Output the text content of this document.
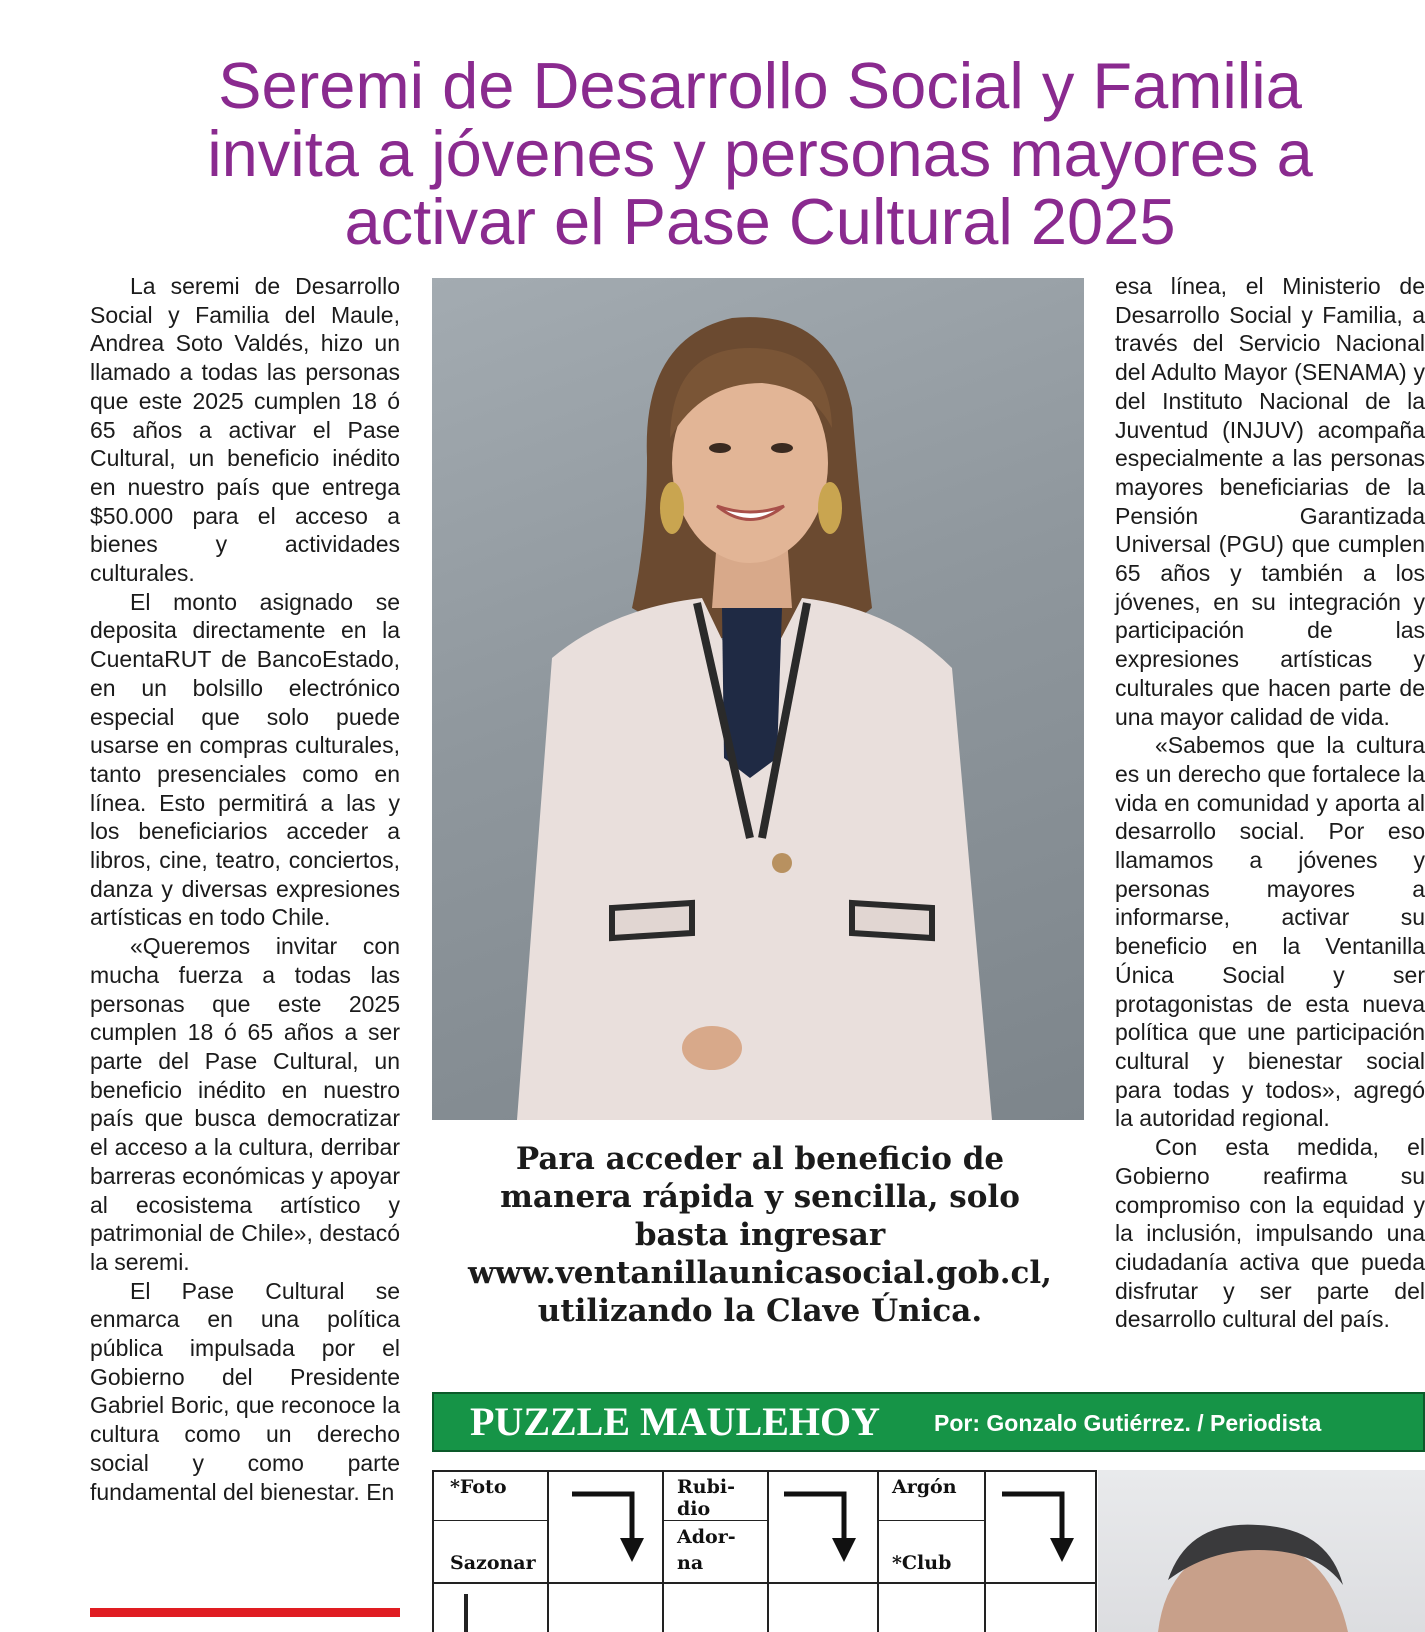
Seremi de Desarrollo Social y Familia
invita a jóvenes y personas mayores a
activar el Pase Cultural 2025

La seremi de Desarrollo Social y Familia del Maule, Andrea Soto Valdés, hizo un llamado a todas las personas que este 2025 cumplen 18 ó 65 años a activar el Pase Cultural, un beneficio inédito en nuestro país que entrega $50.000 para el acceso a bienes y actividades culturales.

El monto asignado se deposita directamente en la CuentaRUT de BancoEstado, en un bolsillo electrónico especial que solo puede usarse en compras culturales, tanto presenciales como en línea. Esto permitirá a las y los beneficiarios acceder a libros, cine, teatro, conciertos, danza y diversas expresiones artísticas en todo Chile.

«Queremos invitar con mucha fuerza a todas las personas que este 2025 cumplen 18 ó 65 años a ser parte del Pase Cultural, un beneficio inédito en nuestro país que busca democratizar el acceso a la cultura, derribar barreras económicas y apoyar al ecosistema artístico y patrimonial de Chile», destacó la seremi.

El Pase Cultural se enmarca en una política pública impulsada por el Gobierno del Presidente Gabriel Boric, que reconoce la cultura como un derecho social y como parte fundamental del bienestar. En

Para acceder al beneficio de
manera rápida y sencilla, solo
basta ingresar
www.ventanillaunicasocial.gob.cl,
utilizando la Clave Única.

esa línea, el Ministerio de Desarrollo Social y Familia, a través del Servicio Nacional del Adulto Mayor (SENAMA) y del Instituto Nacional de la Juventud (INJUV) acompaña especialmente a las personas mayores beneficiarias de la Pensión Garantizada Universal (PGU) que cumplen 65 años y también a los jóvenes, en su integración y participación de las expresiones artísticas y culturales que hacen parte de una mayor calidad de vida.

«Sabemos que la cultura es un derecho que fortalece la vida en comunidad y aporta al desarrollo social. Por eso llamamos a jóvenes y personas mayores a informarse, activar su beneficio en la Ventanilla Única Social y ser protagonistas de esta nueva política que une participación cultural y bienestar social para todas y todos», agregó la autoridad regional.

Con esta medida, el Gobierno reafirma su compromiso con la equidad y la inclusión, impulsando una ciudadanía activa que pueda disfrutar y ser parte del desarrollo cultural del país.

PUZZLE MAULEHOY Por: Gonzalo Gutiérrez. / Periodista
*Foto
Sazonar
Rubi-
dio
Ador-
na
Argón
*Club
